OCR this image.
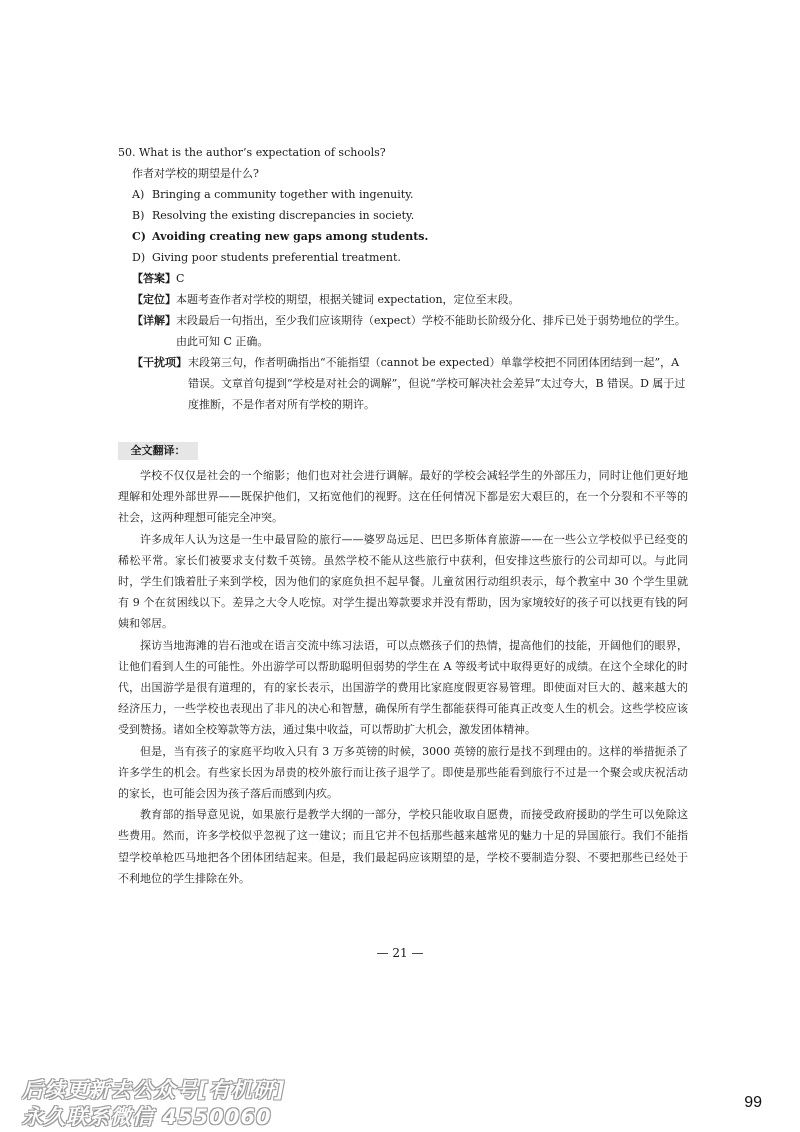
50. What is the author’s expectation of schools?
作者对学校的期望是什么?
A) Bringing a community together with ingenuity.
B) Resolving the existing discrepancies in society.
C) Avoiding creating new gaps among students.
D) Giving poor students preferential treatment.
【答案】C
【定位】本题考查作者对学校的期望，根据关键词 expectation，定位至末段。
【详解】 末段最后一句指出，至少我们应该期待（expect）学校不能助长阶级分化、排斥已处于弱势地位的学生。由此可知 C 正确。
【干扰项】 末段第三句，作者明确指出“不能指望（cannot be expected）单靠学校把不同团体团结到一起”，A 错误。文章首句提到“学校是对社会的调解”，但说“学校可解决社会差异”太过夸大，B 错误。D 属于过度推断，不是作者对所有学校的期许。
全文翻译：

学校不仅仅是社会的一个缩影；他们也对社会进行调解。最好的学校会减轻学生的外部压力，同时让他们更好地理解和处理外部世界——既保护他们，又拓宽他们的视野。这在任何情况下都是宏大艰巨的，在一个分裂和不平等的社会，这两种理想可能完全冲突。

许多成年人认为这是一生中最冒险的旅行——婆罗岛远足、巴巴多斯体育旅游——在一些公立学校似乎已经变的稀松平常。家长们被要求支付数千英镑。虽然学校不能从这些旅行中获利，但安排这些旅行的公司却可以。与此同时，学生们饿着肚子来到学校，因为他们的家庭负担不起早餐。儿童贫困行动组织表示，每个教室中 30 个学生里就有 9 个在贫困线以下。差异之大令人吃惊。对学生提出筹款要求并没有帮助，因为家境较好的孩子可以找更有钱的阿姨和邻居。

探访当地海滩的岩石池或在语言交流中练习法语，可以点燃孩子们的热情，提高他们的技能，开阔他们的眼界，让他们看到人生的可能性。外出游学可以帮助聪明但弱势的学生在 A 等级考试中取得更好的成绩。在这个全球化的时代，出国游学是很有道理的，有的家长表示，出国游学的费用比家庭度假更容易管理。即使面对巨大的、越来越大的经济压力，一些学校也表现出了非凡的决心和智慧，确保所有学生都能获得可能真正改变人生的机会。这些学校应该受到赞扬。诸如全校筹款等方法，通过集中收益，可以帮助扩大机会，激发团体精神。

但是，当有孩子的家庭平均收入只有 3 万多英镑的时候，3000 英镑的旅行是找不到理由的。这样的举措扼杀了许多学生的机会。有些家长因为昂贵的校外旅行而让孩子退学了。即使是那些能看到旅行不过是一个聚会或庆祝活动的家长，也可能会因为孩子落后而感到内疚。

教育部的指导意见说，如果旅行是教学大纲的一部分，学校只能收取自愿费，而接受政府援助的学生可以免除这些费用。然而，许多学校似乎忽视了这一建议；而且它并不包括那些越来越常见的魅力十足的异国旅行。我们不能指望学校单枪匹马地把各个团体团结起来。但是，我们最起码应该期望的是，学校不要制造分裂、不要把那些已经处于不利地位的学生排除在外。

— 21 —
后续更新去公众号[有机研]
永久联系微信 4550060
99
